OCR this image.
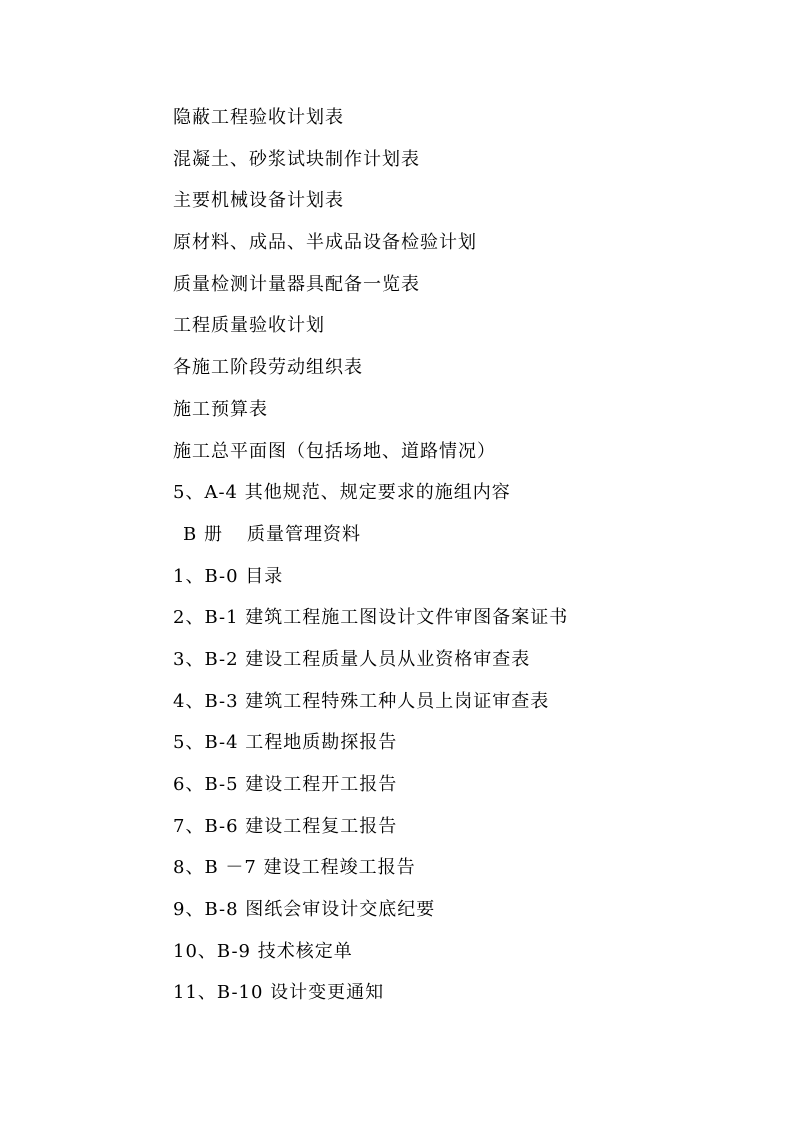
隐蔽工程验收计划表
混凝土、砂浆试块制作计划表
主要机械设备计划表
原材料、成品、半成品设备检验计划
质量检测计量器具配备一览表
工程质量验收计划
各施工阶段劳动组织表
施工预算表
施工总平面图（包括场地、道路情况）
5、A-4 其他规范、规定要求的施组内容
B 册 质量管理资料
1、B-0 目录
2、B-1 建筑工程施工图设计文件审图备案证书
3、B-2 建设工程质量人员从业资格审查表
4、B-3 建筑工程特殊工种人员上岗证审查表
5、B-4 工程地质勘探报告
6、B-5 建设工程开工报告
7、B-6 建设工程复工报告
8、B －7 建设工程竣工报告
9、B-8 图纸会审设计交底纪要
10、B-9 技术核定单
11、B-10 设计变更通知
